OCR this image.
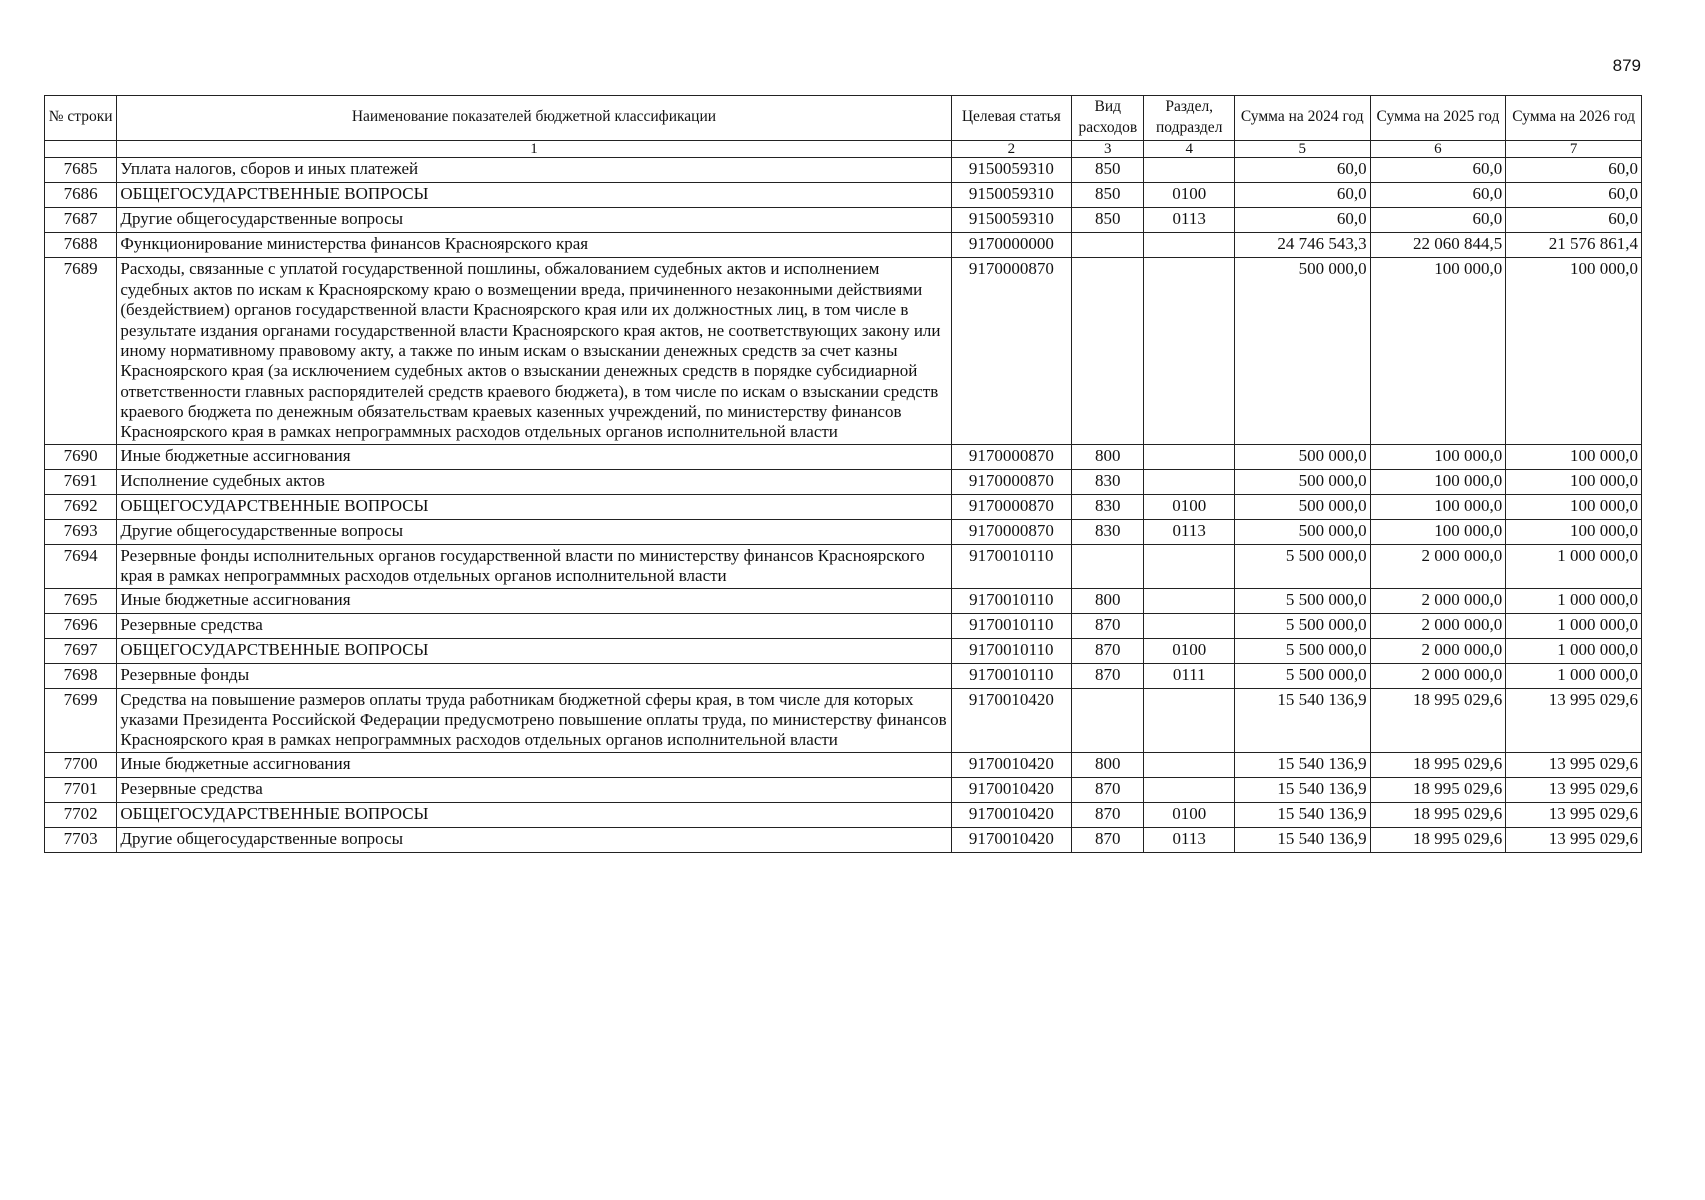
879
№ строки	Наименование показателей бюджетной классификации	Целевая статья	Вид расходов	Раздел, подраздел	Сумма на 2024 год	Сумма на 2025 год	Сумма на 2026 год
	1	2	3	4	5	6	7
7685	Уплата налогов, сборов и иных платежей	9150059310	850		60,0	60,0	60,0
7686	ОБЩЕГОСУДАРСТВЕННЫЕ ВОПРОСЫ	9150059310	850	0100	60,0	60,0	60,0
7687	Другие общегосударственные вопросы	9150059310	850	0113	60,0	60,0	60,0
7688	Функционирование министерства финансов Красноярского края	9170000000			24 746 543,3	22 060 844,5	21 576 861,4
7689	Расходы, связанные с уплатой государственной пошлины, обжалованием судебных актов и исполнением судебных актов по искам к Красноярскому краю о возмещении вреда, причиненного незаконными действиями (бездействием) органов государственной власти Красноярского края или их должностных лиц, в том числе в результате издания органами государственной власти Красноярского края актов, не соответствующих закону или иному нормативному правовому акту, а также по иным искам о взыскании денежных средств за счет казны Красноярского края (за исключением судебных актов о взыскании денежных средств в порядке субсидиарной ответственности главных распорядителей средств краевого бюджета), в том числе по искам о взыскании средств краевого бюджета по денежным обязательствам краевых казенных учреждений, по министерству финансов Красноярского края в рамках непрограммных расходов отдельных органов исполнительной власти	9170000870			500 000,0	100 000,0	100 000,0
7690	Иные бюджетные ассигнования	9170000870	800		500 000,0	100 000,0	100 000,0
7691	Исполнение судебных актов	9170000870	830		500 000,0	100 000,0	100 000,0
7692	ОБЩЕГОСУДАРСТВЕННЫЕ ВОПРОСЫ	9170000870	830	0100	500 000,0	100 000,0	100 000,0
7693	Другие общегосударственные вопросы	9170000870	830	0113	500 000,0	100 000,0	100 000,0
7694	Резервные фонды исполнительных органов государственной власти по министерству финансов Красноярского края в рамках непрограммных расходов отдельных органов исполнительной власти	9170010110			5 500 000,0	2 000 000,0	1 000 000,0
7695	Иные бюджетные ассигнования	9170010110	800		5 500 000,0	2 000 000,0	1 000 000,0
7696	Резервные средства	9170010110	870		5 500 000,0	2 000 000,0	1 000 000,0
7697	ОБЩЕГОСУДАРСТВЕННЫЕ ВОПРОСЫ	9170010110	870	0100	5 500 000,0	2 000 000,0	1 000 000,0
7698	Резервные фонды	9170010110	870	0111	5 500 000,0	2 000 000,0	1 000 000,0
7699	Средства на повышение размеров оплаты труда работникам бюджетной сферы края, в том числе для которых указами Президента Российской Федерации предусмотрено повышение оплаты труда, по министерству финансов Красноярского края в рамках непрограммных расходов отдельных органов исполнительной власти	9170010420			15 540 136,9	18 995 029,6	13 995 029,6
7700	Иные бюджетные ассигнования	9170010420	800		15 540 136,9	18 995 029,6	13 995 029,6
7701	Резервные средства	9170010420	870		15 540 136,9	18 995 029,6	13 995 029,6
7702	ОБЩЕГОСУДАРСТВЕННЫЕ ВОПРОСЫ	9170010420	870	0100	15 540 136,9	18 995 029,6	13 995 029,6
7703	Другие общегосударственные вопросы	9170010420	870	0113	15 540 136,9	18 995 029,6	13 995 029,6
